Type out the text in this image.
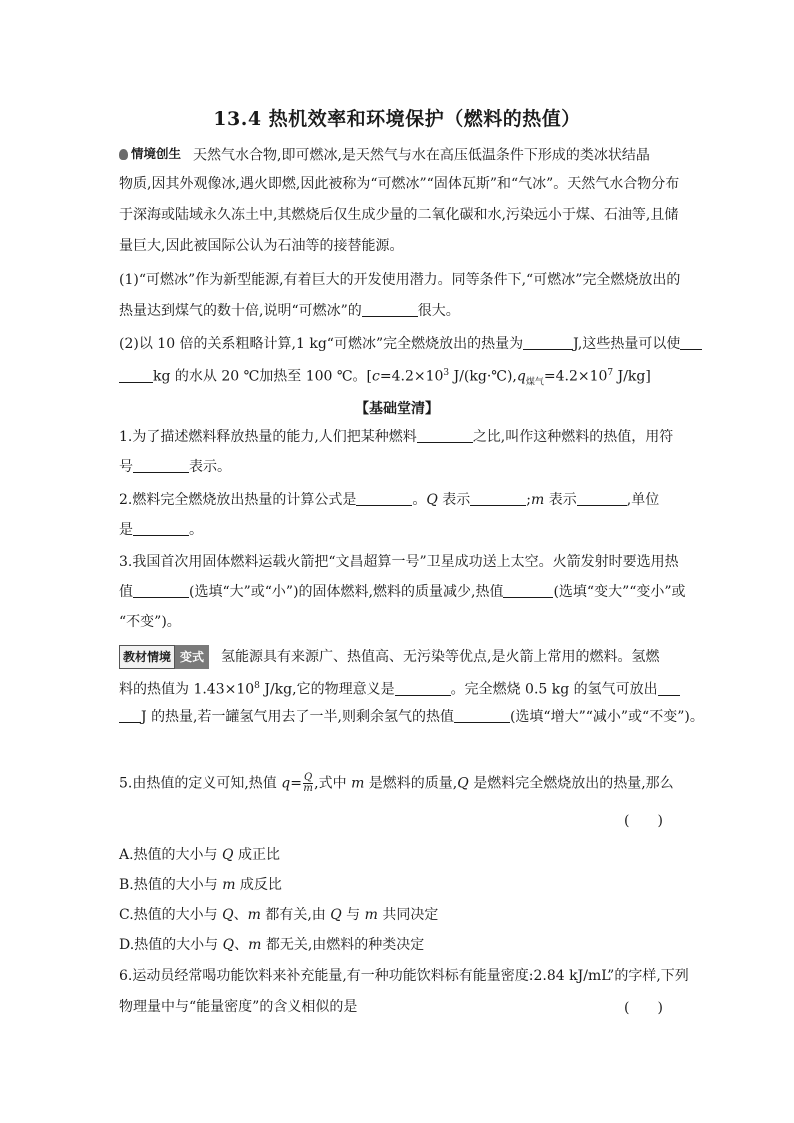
13.4 热机效率和环境保护（燃料的热值）
情境创生 天然气水合物,即可燃冰,是天然气与水在高压低温条件下形成的类冰状结晶
物质,因其外观像冰,遇火即燃,因此被称为“可燃冰”“固体瓦斯”和“气冰”。天然气水合物分布
于深海或陆域永久冻土中,其燃烧后仅生成少量的二氧化碳和水,污染远小于煤、石油等,且储
量巨大,因此被国际公认为石油等的接替能源。
(1)“可燃冰”作为新型能源,有着巨大的开发使用潜力。同等条件下,“可燃冰”完全燃烧放出的
热量达到煤气的数十倍,说明“可燃冰”的	很大。
(2)以 10 倍的关系粗略计算,1 kg“可燃冰”完全燃烧放出的热量为	J,这些热量可以使
kg 的水从 20 ℃加热至 100 ℃。[$c=4.2\times 10^3$ $J/(kg\cdot℃),q_{煤气}=4.2\times 10^7$ J/kg]
【基础堂清】
1.为了描述燃料释放热量的能力,人们把某种燃料	之比,叫作这种燃料的热值，用符
号	表示。
2.燃料完全燃烧放出热量的计算公式是	。Q 表示	;m 表示	,单位
是	。
3.我国首次用固体燃料运载火箭把“文昌超算一号”卫星成功送上太空。火箭发射时要选用热
值	(选填“大”或“小”)的固体燃料,燃料的质量减少,热值	(选填“变大”“变小”或
“不变”)。
教材情境 变式	氢能源具有来源广、热值高、无污染等优点,是火箭上常用的燃料。氢燃
料的热值为 $1.43\times 10^8$ J/kg,它的物理意义是	。完全燃烧 0.5 kg 的氢气可放出
J 的热量,若一罐氢气用去了一半,则剩余氢气的热值	(选填“增大”“减小”或“不变”)。
5.由热值的定义可知,热值 $q= \frac{Q}{m}$ ,式中 m 是燃料的质量,Q 是燃料完全燃烧放出的热量,那么
(　　)
A.热值的大小与 Q 成正比
B.热值的大小与 m 成反比
C.热值的大小与 Q、m 都有关,由 Q 与 m 共同决定
D.热值的大小与 Q、m 都无关,由燃料的种类决定
6.运动员经常喝功能饮料来补充能量,有一种功能饮料标有能量密度:2.84 kJ/mL”的字样,下列
物理量中与“能量密度”的含义相似的是	(　　)
